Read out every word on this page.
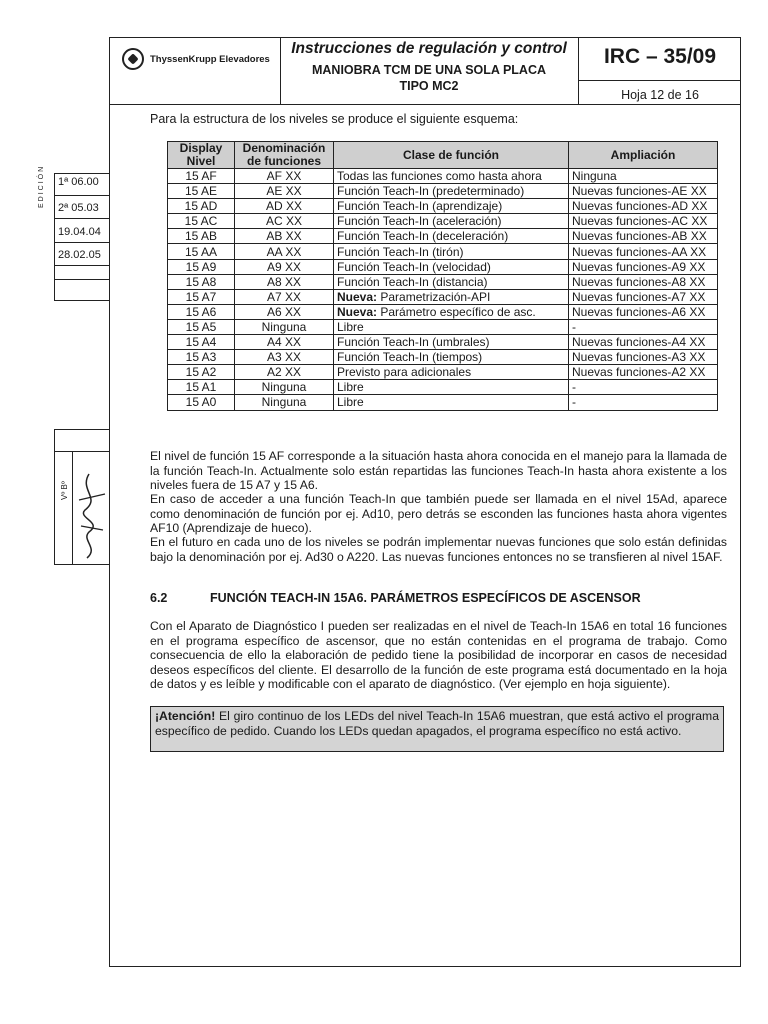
ThyssenKrupp Elevadores
Instrucciones de regulación y control
MANIOBRA TCM DE UNA SOLA PLACA
TIPO MC2
IRC – 35/09
Hoja 12 de 16
EDICIÓN 1ª 06.00
2ª 05.03
19.04.04
28.02.05
Vº Bº
Para la estructura de los niveles se produce el siguiente esquema:
Display Nivel	Denominación de funciones	Clase de función	Ampliación
15 AF	AF XX	Todas las funciones como hasta ahora	Ninguna
15 AE	AE XX	Función Teach-In (predeterminado)	Nuevas funciones-AE XX
15 AD	AD XX	Función Teach-In (aprendizaje)	Nuevas funciones-AD XX
15 AC	AC XX	Función Teach-In (aceleración)	Nuevas funciones-AC XX
15 AB	AB XX	Función Teach-In (deceleración)	Nuevas funciones-AB XX
15 AA	AA XX	Función Teach-In (tirón)	Nuevas funciones-AA XX
15 A9	A9 XX	Función Teach-In (velocidad)	Nuevas funciones-A9 XX
15 A8	A8 XX	Función Teach-In (distancia)	Nuevas funciones-A8 XX
15 A7	A7 XX	Nueva: Parametrización-API	Nuevas funciones-A7 XX
15 A6	A6 XX	Nueva: Parámetro específico de asc.	Nuevas funciones-A6 XX
15 A5	Ninguna	Libre	-
15 A4	A4 XX	Función Teach-In (umbrales)	Nuevas funciones-A4 XX
15 A3	A3 XX	Función Teach-In (tiempos)	Nuevas funciones-A3 XX
15 A2	A2 XX	Previsto para adicionales	Nuevas funciones-A2 XX
15 A1	Ninguna	Libre	-
15 A0	Ninguna	Libre	-
El nivel de función 15 AF corresponde a la situación hasta ahora conocida en el manejo para la llamada de la función Teach-In. Actualmente solo están repartidas las funciones Teach-In hasta ahora existente a los niveles fuera de 15 A7 y 15 A6.
En caso de acceder a una función Teach-In que también puede ser llamada en el nivel 15Ad, aparece como denominación de función por ej. Ad10, pero detrás se esconden las funciones hasta ahora vigentes AF10 (Aprendizaje de hueco).
En el futuro en cada uno de los niveles se podrán implementar nuevas funciones que solo están definidas bajo la denominación por ej. Ad30 o A220. Las nuevas funciones entonces no se transfieren al nivel 15AF.
6.2	FUNCIÓN TEACH-IN 15A6. PARÁMETROS ESPECÍFICOS DE ASCENSOR
Con el Aparato de Diagnóstico I pueden ser realizadas en el nivel de Teach-In 15A6 en total 16 funciones en el programa específico de ascensor, que no están contenidas en el programa de trabajo. Como consecuencia de ello la elaboración de pedido tiene la posibilidad de incorporar en casos de necesidad deseos específicos del cliente. El desarrollo de la función de este programa está documentado en la hoja de datos y es leíble y modificable con el aparato de diagnóstico. (Ver ejemplo en hoja siguiente).
¡Atención! El giro continuo de los LEDs del nivel Teach-In 15A6 muestran, que está activo el programa específico de pedido. Cuando los LEDs quedan apagados, el programa específico no está activo.
